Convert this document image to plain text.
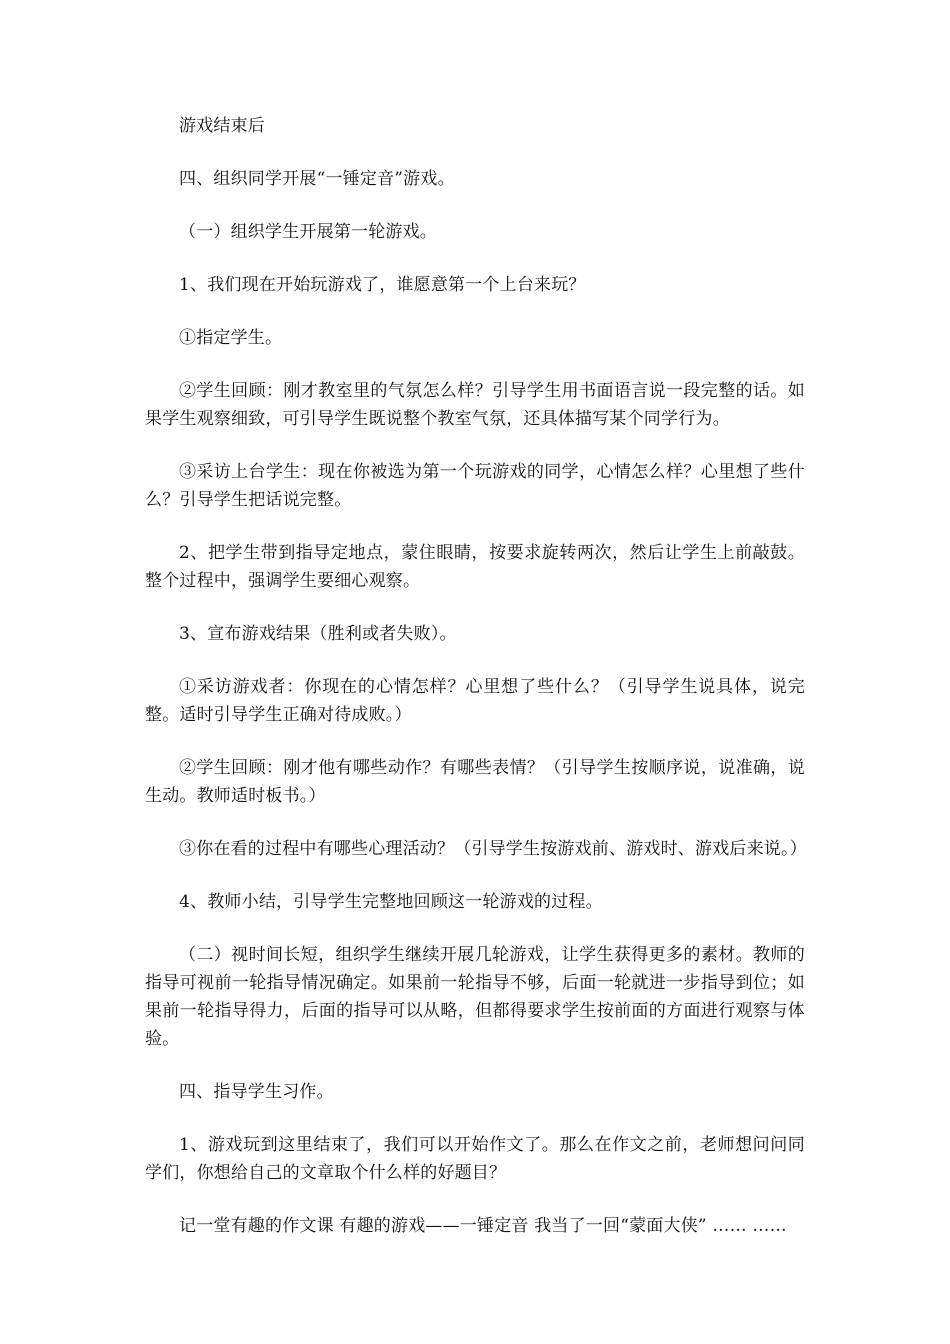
游戏结束后

四、组织同学开展“一锤定音”游戏。

（一）组织学生开展第一轮游戏。

1、我们现在开始玩游戏了，谁愿意第一个上台来玩？

①指定学生。

②学生回顾：刚才教室里的气氛怎么样？引导学生用书面语言说一段完整的话。如果学生观察细致，可引导学生既说整个教室气氛，还具体描写某个同学行为。

③采访上台学生：现在你被选为第一个玩游戏的同学，心情怎么样？心里想了些什么？引导学生把话说完整。

2、把学生带到指导定地点，蒙住眼睛，按要求旋转两次，然后让学生上前敲鼓。整个过程中，强调学生要细心观察。

3、宣布游戏结果（胜利或者失败）。

①采访游戏者：你现在的心情怎样？心里想了些什么？（引导学生说具体，说完整。适时引导学生正确对待成败。）

②学生回顾：刚才他有哪些动作？有哪些表情？（引导学生按顺序说，说准确，说生动。教师适时板书。）

③你在看的过程中有哪些心理活动？（引导学生按游戏前、游戏时、游戏后来说。）

4、教师小结，引导学生完整地回顾这一轮游戏的过程。

（二）视时间长短，组织学生继续开展几轮游戏，让学生获得更多的素材。教师的指导可视前一轮指导情况确定。如果前一轮指导不够，后面一轮就进一步指导到位；如果前一轮指导得力，后面的指导可以从略，但都得要求学生按前面的方面进行观察与体验。

四、指导学生习作。

1、游戏玩到这里结束了，我们可以开始作文了。那么在作文之前，老师想问问同学们，你想给自己的文章取个什么样的好题目？

记一堂有趣的作文课 有趣的游戏——一锤定音 我当了一回“蒙面大侠” …… ……
